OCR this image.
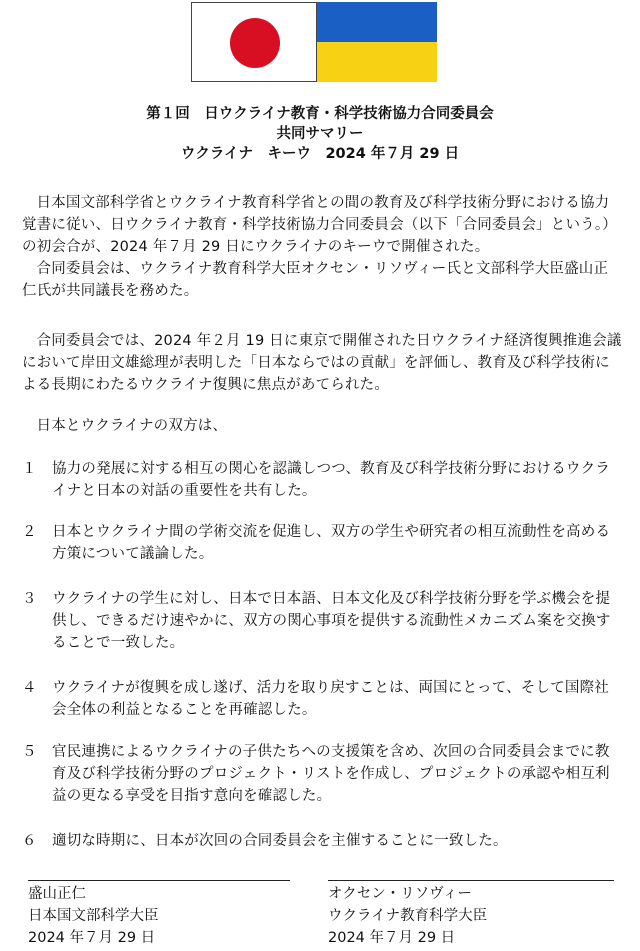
第１回　日ウクライナ教育・科学技術協力合同委員会
共同サマリー
ウクライナ　キーウ　2024 年７月 29 日

日本国文部科学省とウクライナ教育科学省との間の教育及び科学技術分野における協力覚書に従い、日ウクライナ教育・科学技術協力合同委員会（以下「合同委員会」という。）の初会合が、2024 年７月 29 日にウクライナのキーウで開催された。

合同委員会は、ウクライナ教育科学大臣オクセン・リソヴィー氏と文部科学大臣盛山正仁氏が共同議長を務めた。

合同委員会では、2024 年２月 19 日に東京で開催された日ウクライナ経済復興推進会議において岸田文雄総理が表明した「日本ならではの貢献」を評価し、教育及び科学技術による長期にわたるウクライナ復興に焦点があてられた。

日本とウクライナの双方は、

１	協力の発展に対する相互の関心を認識しつつ、教育及び科学技術分野におけるウクライナと日本の対話の重要性を共有した。
２	日本とウクライナ間の学術交流を促進し、双方の学生や研究者の相互流動性を高める方策について議論した。
３	ウクライナの学生に対し、日本で日本語、日本文化及び科学技術分野を学ぶ機会を提供し、できるだけ速やかに、双方の関心事項を提供する流動性メカニズム案を交換することで一致した。
４	ウクライナが復興を成し遂げ、活力を取り戻すことは、両国にとって、そして国際社会全体の利益となることを再確認した。
５	官民連携によるウクライナの子供たちへの支援策を含め、次回の合同委員会までに教育及び科学技術分野のプロジェクト・リストを作成し、プロジェクトの承認や相互利益の更なる享受を目指す意向を確認した。
６	適切な時期に、日本が次回の合同委員会を主催することに一致した。
盛山正仁
日本国文部科学大臣
2024 年７月 29 日
オクセン・リソヴィー
ウクライナ教育科学大臣
2024 年７月 29 日
